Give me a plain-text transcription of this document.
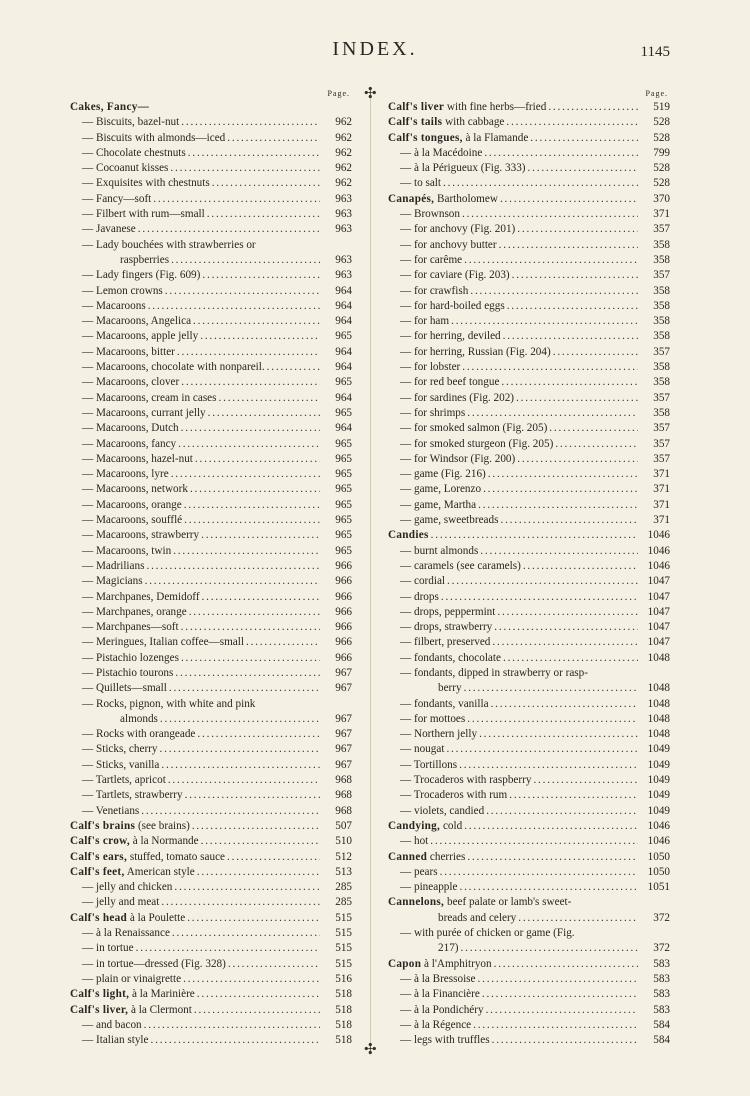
INDEX.	1145
✣
✣
Page.
Cakes, Fancy—
— Biscuits, bazel-nut . . .	962
— Biscuits with almonds—iced . . .	962
— Chocolate chestnuts . . .	962
— Cocoanut kisses . . .	962
— Exquisites with chestnuts . . .	962
— Fancy—soft . . .	963
— Filbert with rum—small . . .	963
— Javanese . . .	963
— Lady bouchées with strawberries or
raspberries . . .	963
— Lady fingers (Fig. 609) . . .	963
— Lemon crowns . . .	964
— Macaroons . . .	964
— Macaroons, Angelica . . .	964
— Macaroons, apple jelly . . .	965
— Macaroons, bitter . . .	964
— Macaroons, chocolate with nonpareil. . . .	964
— Macaroons, clover . . .	965
— Macaroons, cream in cases . . .	964
— Macaroons, currant jelly . . .	965
— Macaroons, Dutch . . .	964
— Macaroons, fancy . . .	965
— Macaroons, hazel-nut . . .	965
— Macaroons, lyre . . .	965
— Macaroons, network . . .	965
— Macaroons, orange . . .	965
— Macaroons, soufflé . . .	965
— Macaroons, strawberry . . .	965
— Macaroons, twin . . .	965
— Madrilians . . .	966
— Magicians . . .	966
— Marchpanes, Demidoff . . .	966
— Marchpanes, orange . . .	966
— Marchpanes—soft . . .	966
— Meringues, Italian coffee—small . . .	966
— Pistachio lozenges . . .	966
— Pistachio tourons . . .	967
— Quillets—small . . .	967
— Rocks, pignon, with white and pink
almonds . . .	967
— Rocks with orangeade . . .	967
— Sticks, cherry . . .	967
— Sticks, vanilla . . .	967
— Tartlets, apricot . . .	968
— Tartlets, strawberry . . .	968
— Venetians . . .	968
Calf's brains (see brains) . . .	507
Calf's crow, à la Normande . . .	510
Calf's ears, stuffed, tomato sauce . . .	512
Calf's feet, American style . . .	513
— jelly and chicken . . .	285
— jelly and meat . . .	285
Calf's head à la Poulette . . .	515
— à la Renaissance . . .	515
— in tortue . . .	515
— in tortue—dressed (Fig. 328) . . .	515
— plain or vinaigrette . . .	516
Calf's light, à la Marinière . . .	518
Calf's liver, à la Clermont . . .	518
— and bacon . . .	518
— Italian style . . .	518
Page.
Calf's liver with fine herbs—fried . . .	519
Calf's tails with cabbage . . .	528
Calf's tongues, à la Flamande . . .	528
— à la Macédoine . . .	799
— à la Périgueux (Fig. 333) . . .	528
— to salt . . .	528
Canapés, Bartholomew . . .	370
— Brownson . . .	371
— for anchovy (Fig. 201) . . .	357
— for anchovy butter . . .	358
— for carême . . .	358
— for caviare (Fig. 203) . . .	357
— for crawfish . . .	358
— for hard-boiled eggs . . .	358
— for ham . . .	358
— for herring, deviled . . .	358
— for herring, Russian (Fig. 204) . . .	357
— for lobster . . .	358
— for red beef tongue . . .	358
— for sardines (Fig. 202) . . .	357
— for shrimps . . .	358
— for smoked salmon (Fig. 205) . . .	357
— for smoked sturgeon (Fig. 205) . . .	357
— for Windsor (Fig. 200) . . .	357
— game (Fig. 216) . . .	371
— game, Lorenzo . . .	371
— game, Martha . . .	371
— game, sweetbreads . . .	371
Candies . . .	1046
— burnt almonds . . .	1046
— caramels (see caramels) . . .	1046
— cordial . . .	1047
— drops . . .	1047
— drops, peppermint . . .	1047
— drops, strawberry . . .	1047
— filbert, preserved . . .	1047
— fondants, chocolate . . .	1048
— fondants, dipped in strawberry or rasp-
berry . . .	1048
— fondants, vanilla . . .	1048
— for mottoes . . .	1048
— Northern jelly . . .	1048
— nougat . . .	1049
— Tortillons . . .	1049
— Trocaderos with raspberry . . .	1049
— Trocaderos with rum . . .	1049
— violets, candied . . .	1049
Candying, cold . . .	1046
— hot . . .	1046
Canned cherries . . .	1050
— pears . . .	1050
— pineapple . . .	1051
Cannelons, beef palate or lamb's sweet-
breads and celery . . .	372
— with purée of chicken or game (Fig.
217) . . .	372
Capon à l'Amphitryon . . .	583
— à la Bressoise . . .	583
— à la Financière . . .	583
— à la Pondichéry . . .	583
— à la Régence . . .	584
— legs with truffles . . .	584
